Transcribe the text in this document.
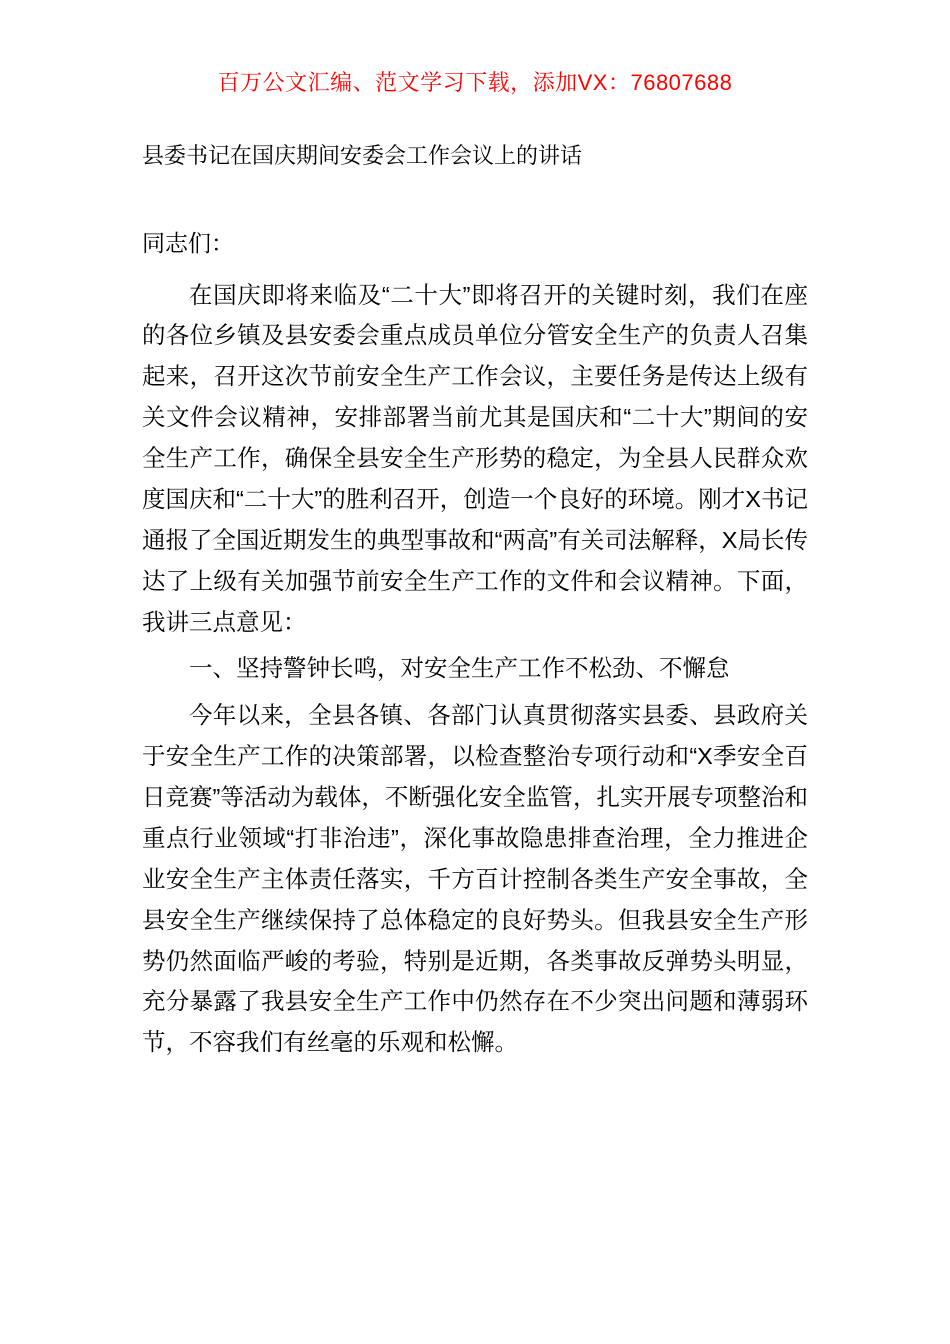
百万公文汇编、范文学习下载，添加VX：76807688
县委书记在国庆期间安委会工作会议上的讲话
同志们：
在国庆即将来临及“二十大”即将召开的关键时刻，我们在座的各位乡镇及县安委会重点成员单位分管安全生产的负责人召集起来，召开这次节前安全生产工作会议，主要任务是传达上级有关文件会议精神，安排部署当前尤其是国庆和“二十大”期间的安全生产工作，确保全县安全生产形势的稳定，为全县人民群众欢度国庆和“二十大”的胜利召开，创造一个良好的环境。刚才X书记通报了全国近期发生的典型事故和“两高”有关司法解释，X局长传达了上级有关加强节前安全生产工作的文件和会议精神。下面，我讲三点意见：
一、坚持警钟长鸣，对安全生产工作不松劲、不懈怠
今年以来，全县各镇、各部门认真贯彻落实县委、县政府关于安全生产工作的决策部署，以检查整治专项行动和“X季安全百日竞赛”等活动为载体，不断强化安全监管，扎实开展专项整治和重点行业领域“打非治违”，深化事故隐患排查治理，全力推进企业安全生产主体责任落实，千方百计控制各类生产安全事故，全县安全生产继续保持了总体稳定的良好势头。但我县安全生产形势仍然面临严峻的考验，特别是近期，各类事故反弹势头明显，充分暴露了我县安全生产工作中仍然存在不少突出问题和薄弱环节，不容我们有丝毫的乐观和松懈。
